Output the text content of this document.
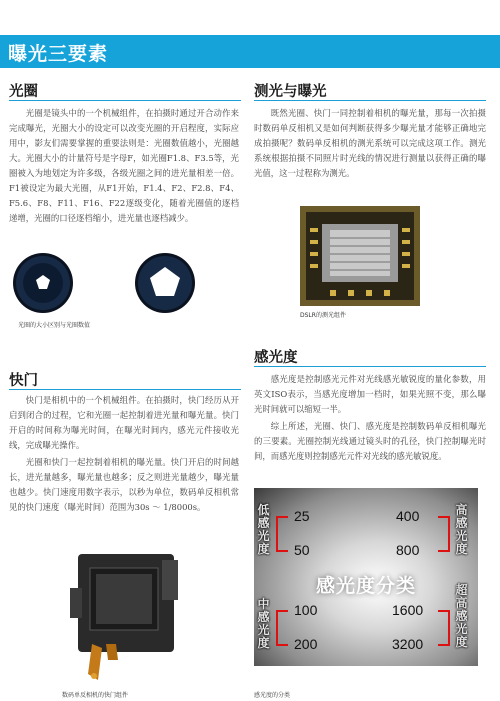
曝光三要素
光圈
光圈是镜头中的一个机械组件，在拍摄时通过开合动作来完成曝光，光圈大小的设定可以改变光圈的开启程度，实际应用中，影友们需要掌握的重要法则是：光圈数值越小，光圈越大。光圈大小的计量符号是字母F，如光圈F1.8、F3.5等，光圈被入为地划定为许多级，各级光圈之间的进光量相差一倍。F1被设定为最大光圈，从F1开始，F1.4、F2、F2.8、F4、F5.6、F8、F11、F16、F22逐级变化，随着光圈值的逐档递增，光圈的口径逐档缩小，进光量也逐档减少。
光圈的大小区别与光圈数值
快门
快门是相机中的一个机械组件。在拍摄时，快门经历从开启到闭合的过程，它和光圈一起控制着进光量和曝光量。快门开启的时间称为曝光时间，在曝光时间内，感光元件接收光线，完成曝光操作。
光圈和快门一起控制着相机的曝光量。快门开启的时间越长，进光量越多，曝光量也越多；反之则进光量越少，曝光量也越少。快门速度用数字表示，以秒为单位，数码单反相机常见的快门速度（曝光时间）范围为30s ～ 1/8000s。
数码单反相机的快门组件
测光与曝光
既然光圈、快门一同控制着相机的曝光量，那每一次拍摄时数码单反相机又是如何判断获得多少曝光量才能够正确地完成拍摄呢？数码单反相机的测光系统可以完成这项工作。测光系统根据拍摄不同照片时光线的情况进行测量以获得正确的曝光值，这一过程称为测光。
DSLR的测光组件
感光度
感光度是控制感光元件对光线感光敏锐度的量化参数，用英文ISO表示，当感光度增加一档时，如果光照不变，那么曝光时间就可以缩短一半。
综上所述，光圈、快门、感光度是控制数码单反相机曝光的三要素。光圈控制光线通过镜头时的孔径，快门控制曝光时间，而感光度则控制感光元件对光线的感光敏锐度。
感光度分类
低感光度
25
50
高感光度
400
800
中感光度
100
200
超高感光度
1600
3200
感光度的分类
